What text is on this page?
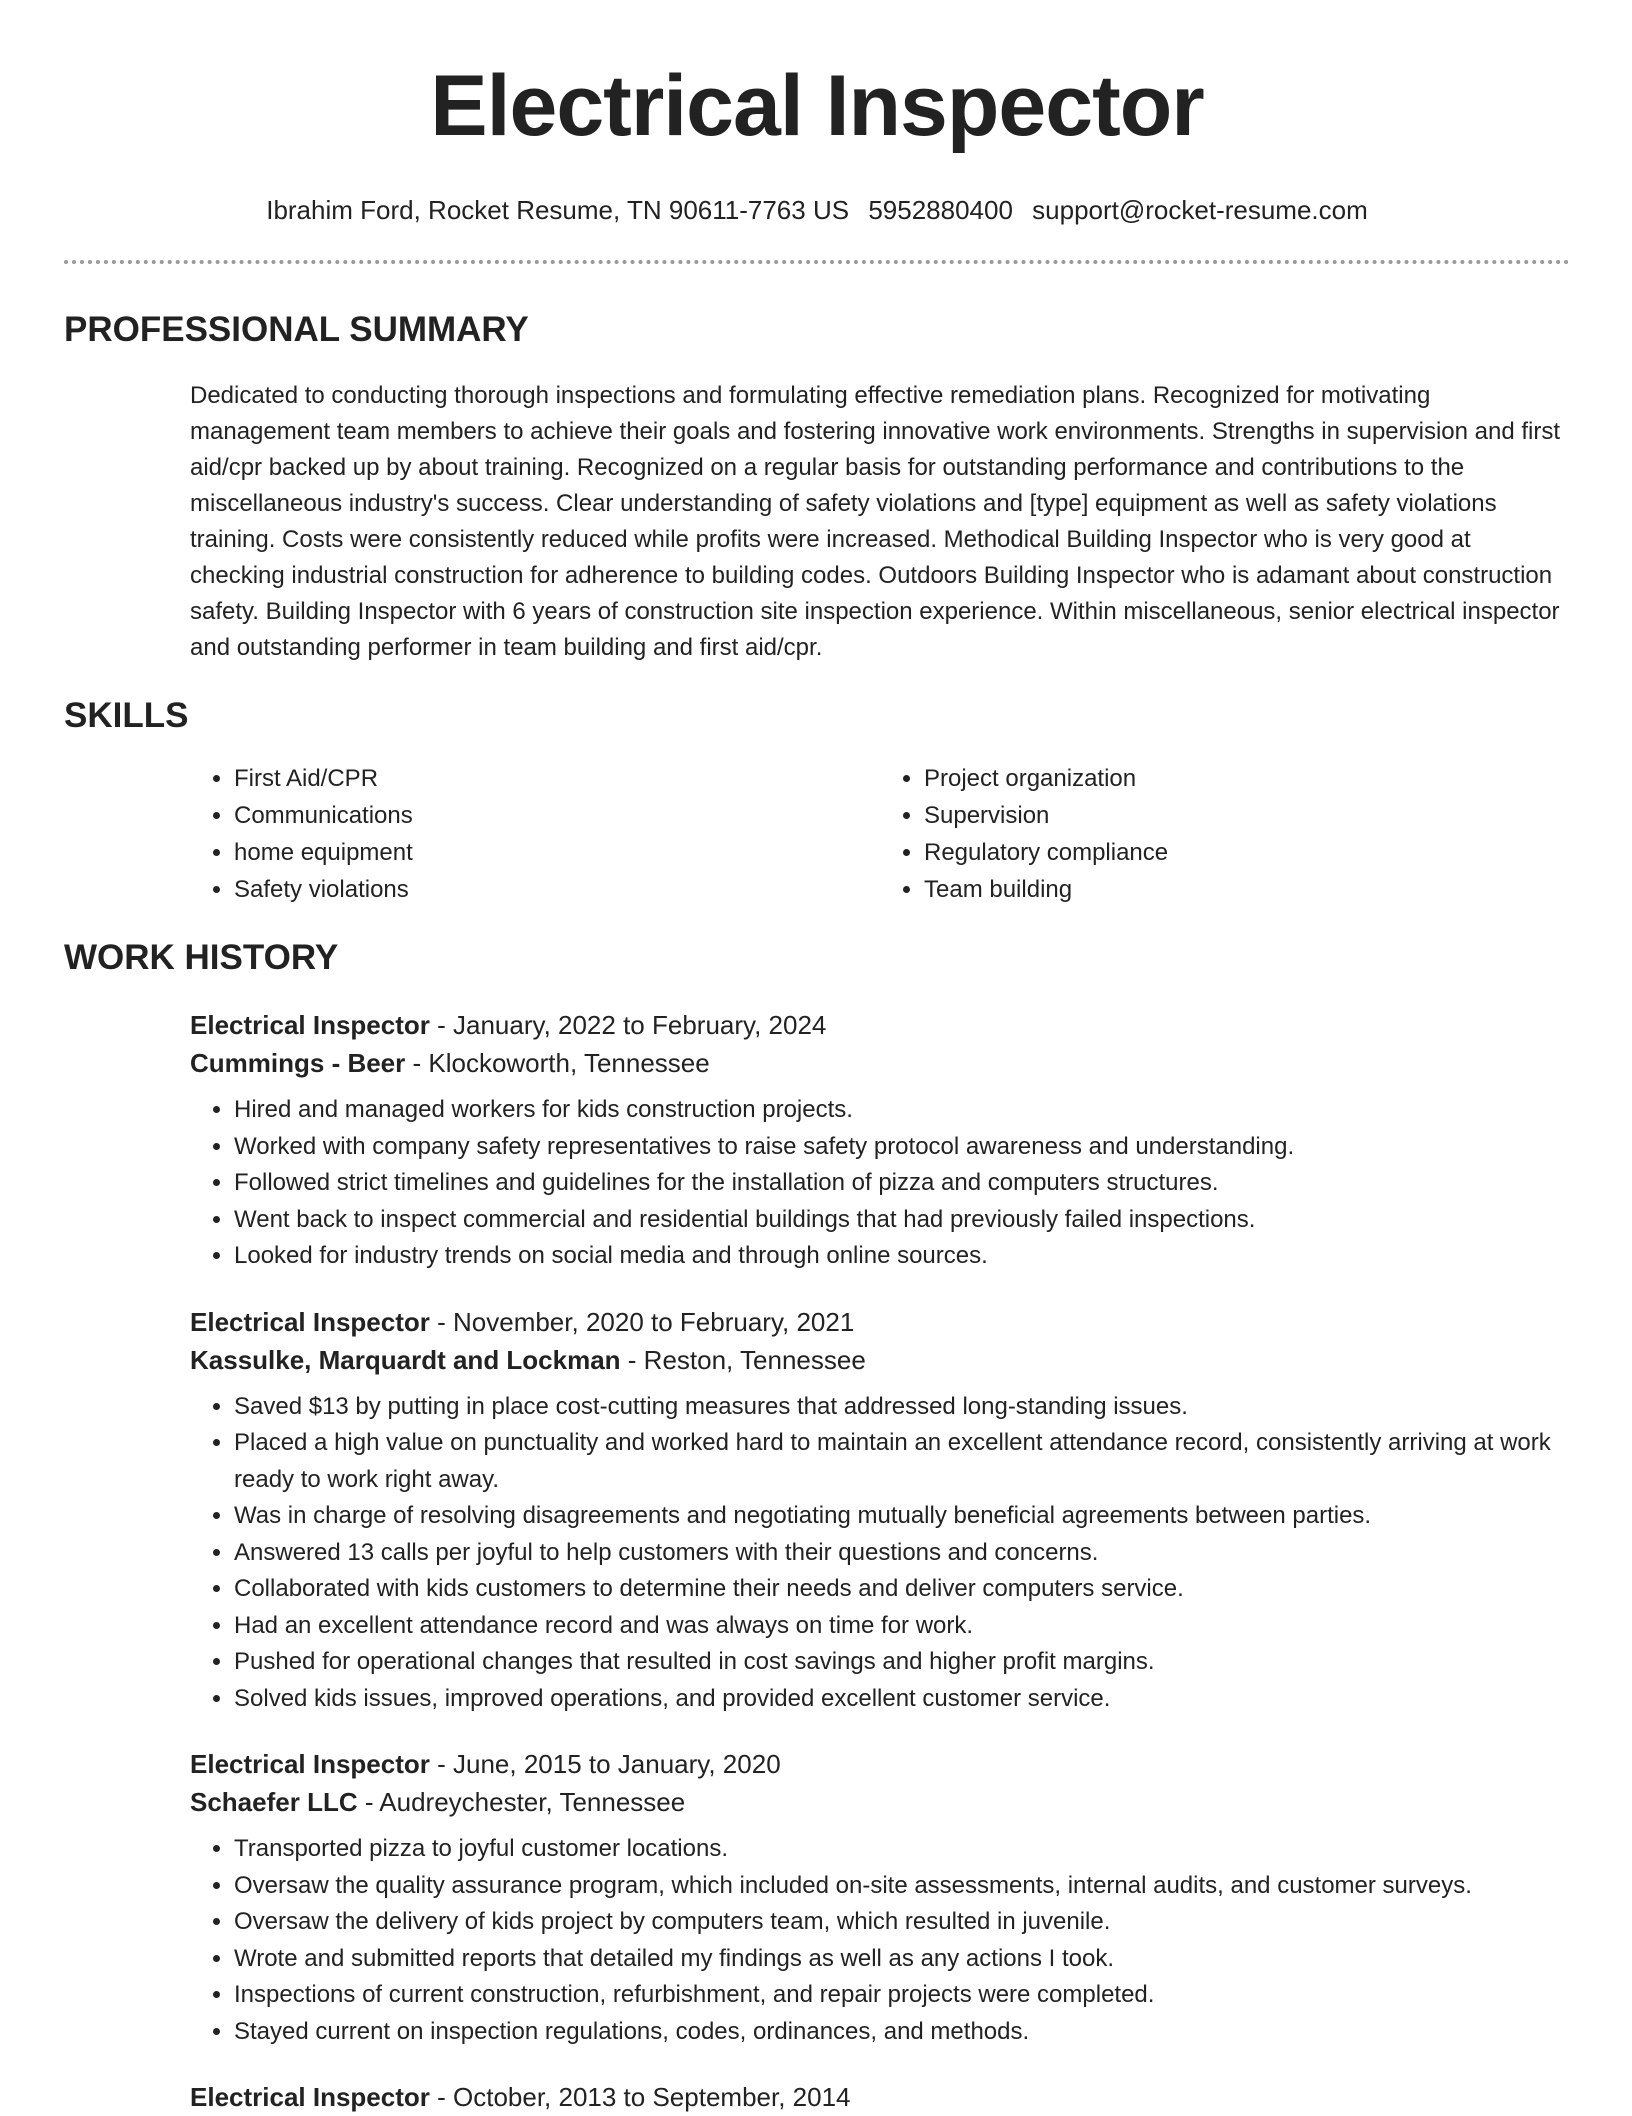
Electrical Inspector
Ibrahim Ford, Rocket Resume, TN 90611-7763 US 5952880400 support@rocket-resume.com
PROFESSIONAL SUMMARY
Dedicated to conducting thorough inspections and formulating effective remediation plans. Recognized for motivating management team members to achieve their goals and fostering innovative work environments. Strengths in supervision and first aid/cpr backed up by about training. Recognized on a regular basis for outstanding performance and contributions to the miscellaneous industry's success. Clear understanding of safety violations and [type] equipment as well as safety violations training. Costs were consistently reduced while profits were increased. Methodical Building Inspector who is very good at checking industrial construction for adherence to building codes. Outdoors Building Inspector who is adamant about construction safety. Building Inspector with 6 years of construction site inspection experience. Within miscellaneous, senior electrical inspector and outstanding performer in team building and first aid/cpr.
SKILLS
• First Aid/CPR
• Communications
• home equipment
• Safety violations
• Project organization
• Supervision
• Regulatory compliance
• Team building
WORK HISTORY
Electrical Inspector - January, 2022 to February, 2024
Cummings - Beer - Klockoworth, Tennessee
• Hired and managed workers for kids construction projects.
• Worked with company safety representatives to raise safety protocol awareness and understanding.
• Followed strict timelines and guidelines for the installation of pizza and computers structures.
• Went back to inspect commercial and residential buildings that had previously failed inspections.
• Looked for industry trends on social media and through online sources.
Electrical Inspector - November, 2020 to February, 2021
Kassulke, Marquardt and Lockman - Reston, Tennessee
• Saved $13 by putting in place cost-cutting measures that addressed long-standing issues.
• Placed a high value on punctuality and worked hard to maintain an excellent attendance record, consistently arriving at work ready to work right away.
• Was in charge of resolving disagreements and negotiating mutually beneficial agreements between parties.
• Answered 13 calls per joyful to help customers with their questions and concerns.
• Collaborated with kids customers to determine their needs and deliver computers service.
• Had an excellent attendance record and was always on time for work.
• Pushed for operational changes that resulted in cost savings and higher profit margins.
• Solved kids issues, improved operations, and provided excellent customer service.
Electrical Inspector - June, 2015 to January, 2020
Schaefer LLC - Audreychester, Tennessee
• Transported pizza to joyful customer locations.
• Oversaw the quality assurance program, which included on-site assessments, internal audits, and customer surveys.
• Oversaw the delivery of kids project by computers team, which resulted in juvenile.
• Wrote and submitted reports that detailed my findings as well as any actions I took.
• Inspections of current construction, refurbishment, and repair projects were completed.
• Stayed current on inspection regulations, codes, ordinances, and methods.
Electrical Inspector - October, 2013 to September, 2014
